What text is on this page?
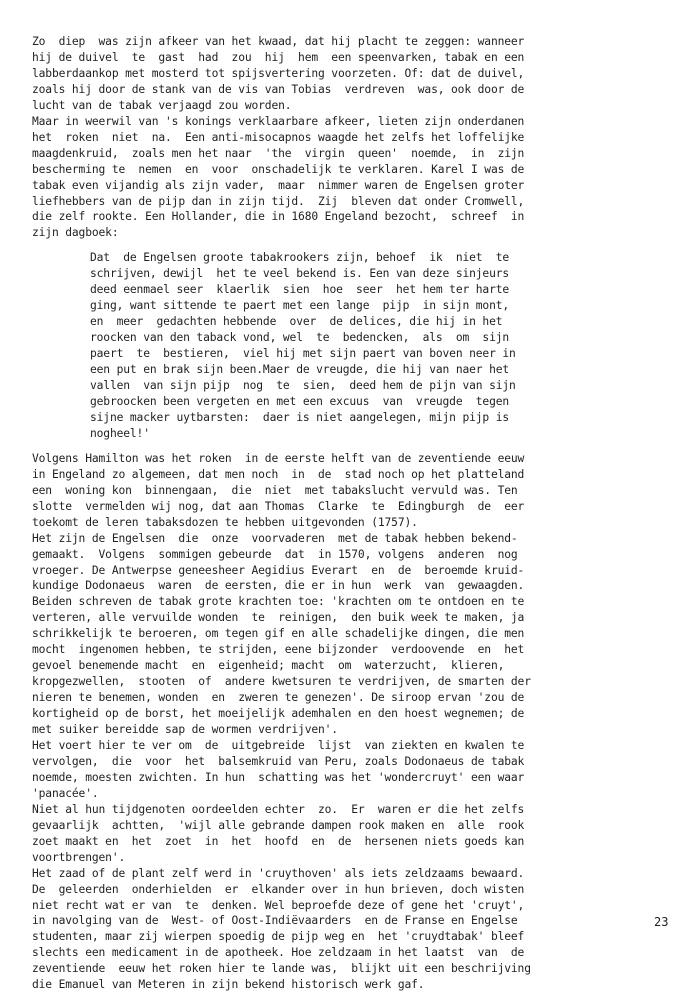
Zo  diep  was zijn afkeer van het kwaad, dat hij placht te zeggen: wanneer
hij de duivel  te  gast  had  zou  hij  hem  een speenvarken, tabak en een
labberdaankop met mosterd tot spijsvertering voorzeten. Of: dat de duivel,
zoals hij door de stank van de vis van Tobias  verdreven  was, ook door de
lucht van de tabak verjaagd zou worden.
Maar in weerwil van 's konings verklaarbare afkeer, lieten zijn onderdanen
het  roken  niet  na.  Een anti-misocapnos waagde het zelfs het loffelijke
maagdenkruid,  zoals men het naar  'the  virgin  queen'  noemde,  in  zijn
bescherming te  nemen  en  voor  onschadelijk te verklaren. Karel I was de
tabak even vijandig als zijn vader,  maar  nimmer waren de Engelsen groter
liefhebbers van de pijp dan in zijn tijd.  Zij  bleven dat onder Cromwell,
die zelf rookte. Een Hollander, die in 1680 Engeland bezocht,  schreef  in
zijn dagboek:
Dat  de Engelsen groote tabakrookers zijn, behoef  ik  niet  te
schrijven, dewijl  het te veel bekend is. Een van deze sinjeurs
deed eenmael seer  klaerlik  sien  hoe  seer  het hem ter harte
ging, want sittende te paert met een lange  pijp  in sijn mont,
en  meer  gedachten hebbende  over  de delices, die hij in het
roocken van den taback vond, wel  te  bedencken,  als  om  sijn
paert  te  bestieren,  viel hij met sijn paert van boven neer in
een put en brak sijn been.Maer de vreugde, die hij van naer het
vallen  van sijn pijp  nog  te  sien,  deed hem de pijn van sijn
gebroocken been vergeten en met een excuus  van  vreugde  tegen
sijne macker uytbarsten:  daer is niet aangelegen, mijn pijp is
nogheel!'
Volgens Hamilton was het roken  in de eerste helft van de zeventiende eeuw
in Engeland zo algemeen, dat men noch  in  de  stad noch op het platteland
een  woning kon  binnengaan,  die  niet  met tabakslucht vervuld was. Ten
slotte  vermelden wij nog, dat aan Thomas  Clarke  te  Edingburgh  de  eer
toekomt de leren tabaksdozen te hebben uitgevonden (1757).
Het zijn de Engelsen  die  onze  voorvaderen  met de tabak hebben bekend-
gemaakt.  Volgens  sommigen gebeurde  dat  in 1570, volgens  anderen  nog
vroeger. De Antwerpse geneesheer Aegidius Everart  en  de  beroemde kruid-
kundige Dodonaeus  waren  de eersten, die er in hun  werk  van  gewaagden.
Beiden schreven de tabak grote krachten toe: 'krachten om te ontdoen en te
verteren, alle vervuilde wonden  te  reinigen,  den buik week te maken, ja
schrikkelijk te beroeren, om tegen gif en alle schadelijke dingen, die men
mocht  ingenomen hebben, te strijden, eene bijzonder  verdoovende  en  het
gevoel benemende macht  en  eigenheid; macht  om  waterzucht,  klieren,
kropgezwellen,  stooten  of  andere kwetsuren te verdrijven, de smarten der
nieren te benemen, wonden  en  zweren te genezen'. De siroop ervan 'zou de
kortigheid op de borst, het moeijelijk ademhalen en den hoest wegnemen; de
met suiker bereidde sap de wormen verdrijven'.
Het voert hier te ver om  de  uitgebreide  lijst  van ziekten en kwalen te
vervolgen,  die  voor  het  balsemkruid van Peru, zoals Dodonaeus de tabak
noemde, moesten zwichten. In hun  schatting was het 'wondercruyt' een waar
'panacée'.
Niet al hun tijdgenoten oordeelden echter  zo.  Er  waren er die het zelfs
gevaarlijk  achtten,  'wijl alle gebrande dampen rook maken en  alle  rook
zoet maakt en  het  zoet  in  het  hoofd  en  de  hersenen niets goeds kan
voortbrengen'.
Het zaad of de plant zelf werd in 'cruythoven' als iets zeldzaams bewaard.
De  geleerden  onderhielden  er  elkander over in hun brieven, doch wisten
niet recht wat er van  te  denken. Wel beproefde deze of gene het 'cruyt',
in navolging van de  West- of Oost-Indiëvaarders  en de Franse en Engelse
studenten, maar zij wierpen spoedig de pijp weg en  het 'cruydtabak' bleef
slechts een medicament in de apotheek. Hoe zeldzaam in het laatst  van  de
zeventiende  eeuw het roken hier te lande was,  blijkt uit een beschrijving
die Emanuel van Meteren in zijn bekend historisch werk gaf.
23
